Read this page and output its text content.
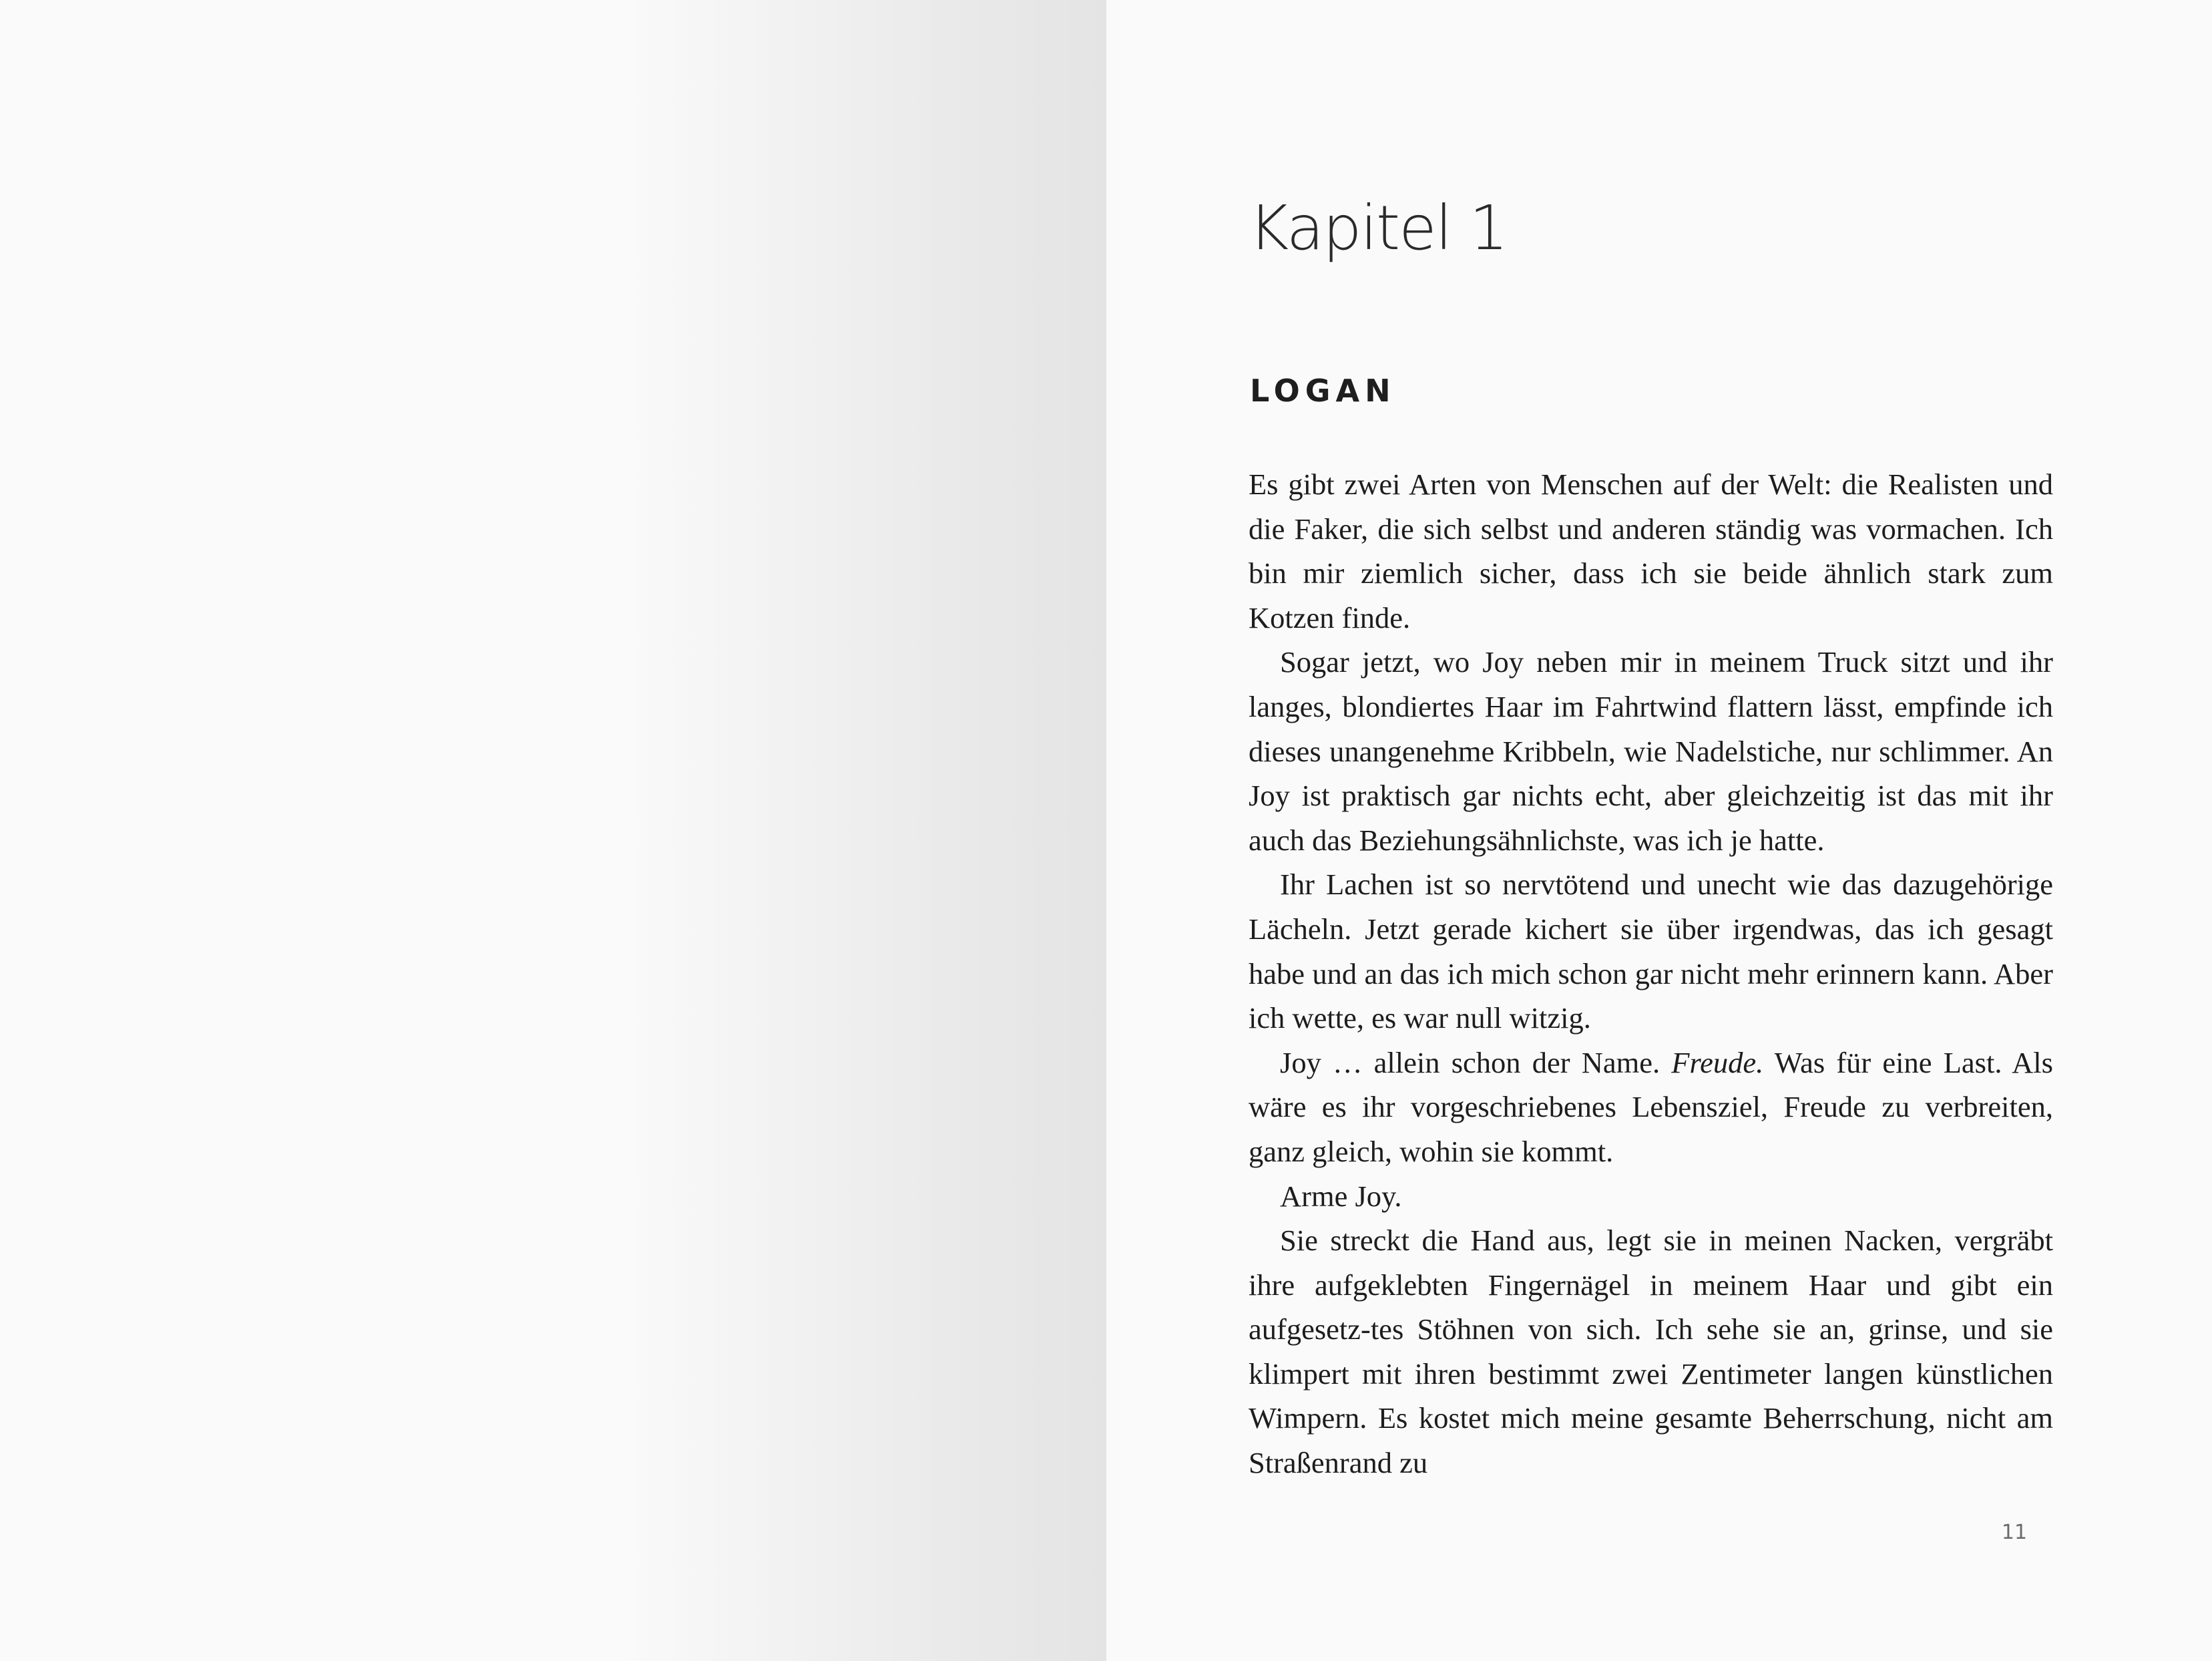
Kapitel 1
LOGAN

Es gibt zwei Arten von Menschen auf der Welt: die Realisten und die Faker, die sich selbst und anderen ständig was vormachen. Ich bin mir ziemlich sicher, dass ich sie beide ähnlich stark zum Kotzen finde.

Sogar jetzt, wo Joy neben mir in meinem Truck sitzt und ihr langes, blondiertes Haar im Fahrtwind flattern lässt, empfinde ich dieses unangenehme Kribbeln, wie Nadelstiche, nur schlimmer. An Joy ist praktisch gar nichts echt, aber gleichzeitig ist das mit ihr auch das Beziehungsähnlichste, was ich je hatte.

Ihr Lachen ist so nervtötend und unecht wie das dazugehörige Lächeln. Jetzt gerade kichert sie über irgendwas, das ich gesagt habe und an das ich mich schon gar nicht mehr erinnern kann. Aber ich wette, es war null witzig.

Joy … allein schon der Name. Freude. Was für eine Last. Als wäre es ihr vorgeschriebenes Lebensziel, Freude zu verbreiten, ganz gleich, wohin sie kommt.

Arme Joy.

Sie streckt die Hand aus, legt sie in meinen Nacken, vergräbt ihre aufgeklebten Fingernägel in meinem Haar und gibt ein aufgesetz-tes Stöhnen von sich. Ich sehe sie an, grinse, und sie klimpert mit ihren bestimmt zwei Zentimeter langen künstlichen Wimpern. Es kostet mich meine gesamte Beherrschung, nicht am Straßenrand zu

11
